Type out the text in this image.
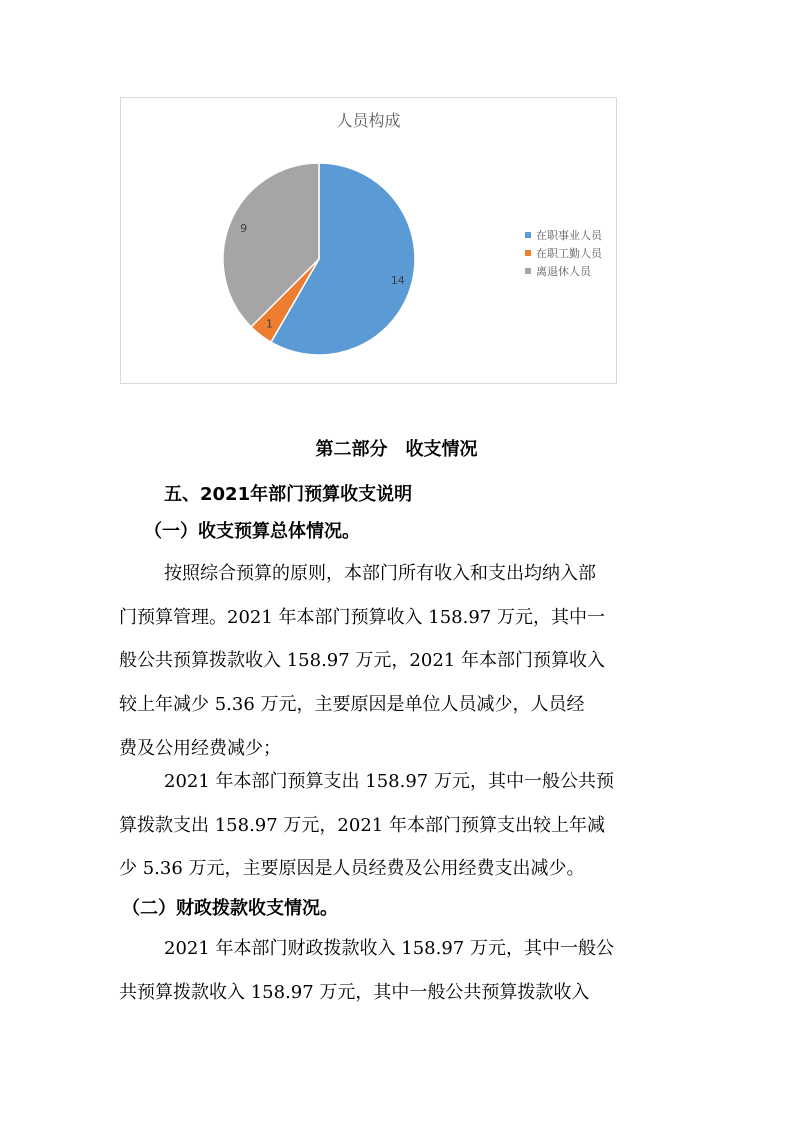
人员构成
14
1
9
在职事业人员
在职工勤人员
离退休人员
第二部分　收支情况
五、2021年部门预算收支说明
（一）收支预算总体情况。
按照综合预算的原则，本部门所有收入和支出均纳入部
门预算管理。2021 年本部门预算收入 158.97 万元，其中一
般公共预算拨款收入 158.97 万元，2021 年本部门预算收入
较上年减少 5.36 万元，主要原因是单位人员减少，人员经
费及公用经费减少；
2021 年本部门预算支出 158.97 万元，其中一般公共预
算拨款支出 158.97 万元，2021 年本部门预算支出较上年减
少 5.36 万元，主要原因是人员经费及公用经费支出减少。
（二）财政拨款收支情况。
2021 年本部门财政拨款收入 158.97 万元，其中一般公
共预算拨款收入 158.97 万元，其中一般公共预算拨款收入
